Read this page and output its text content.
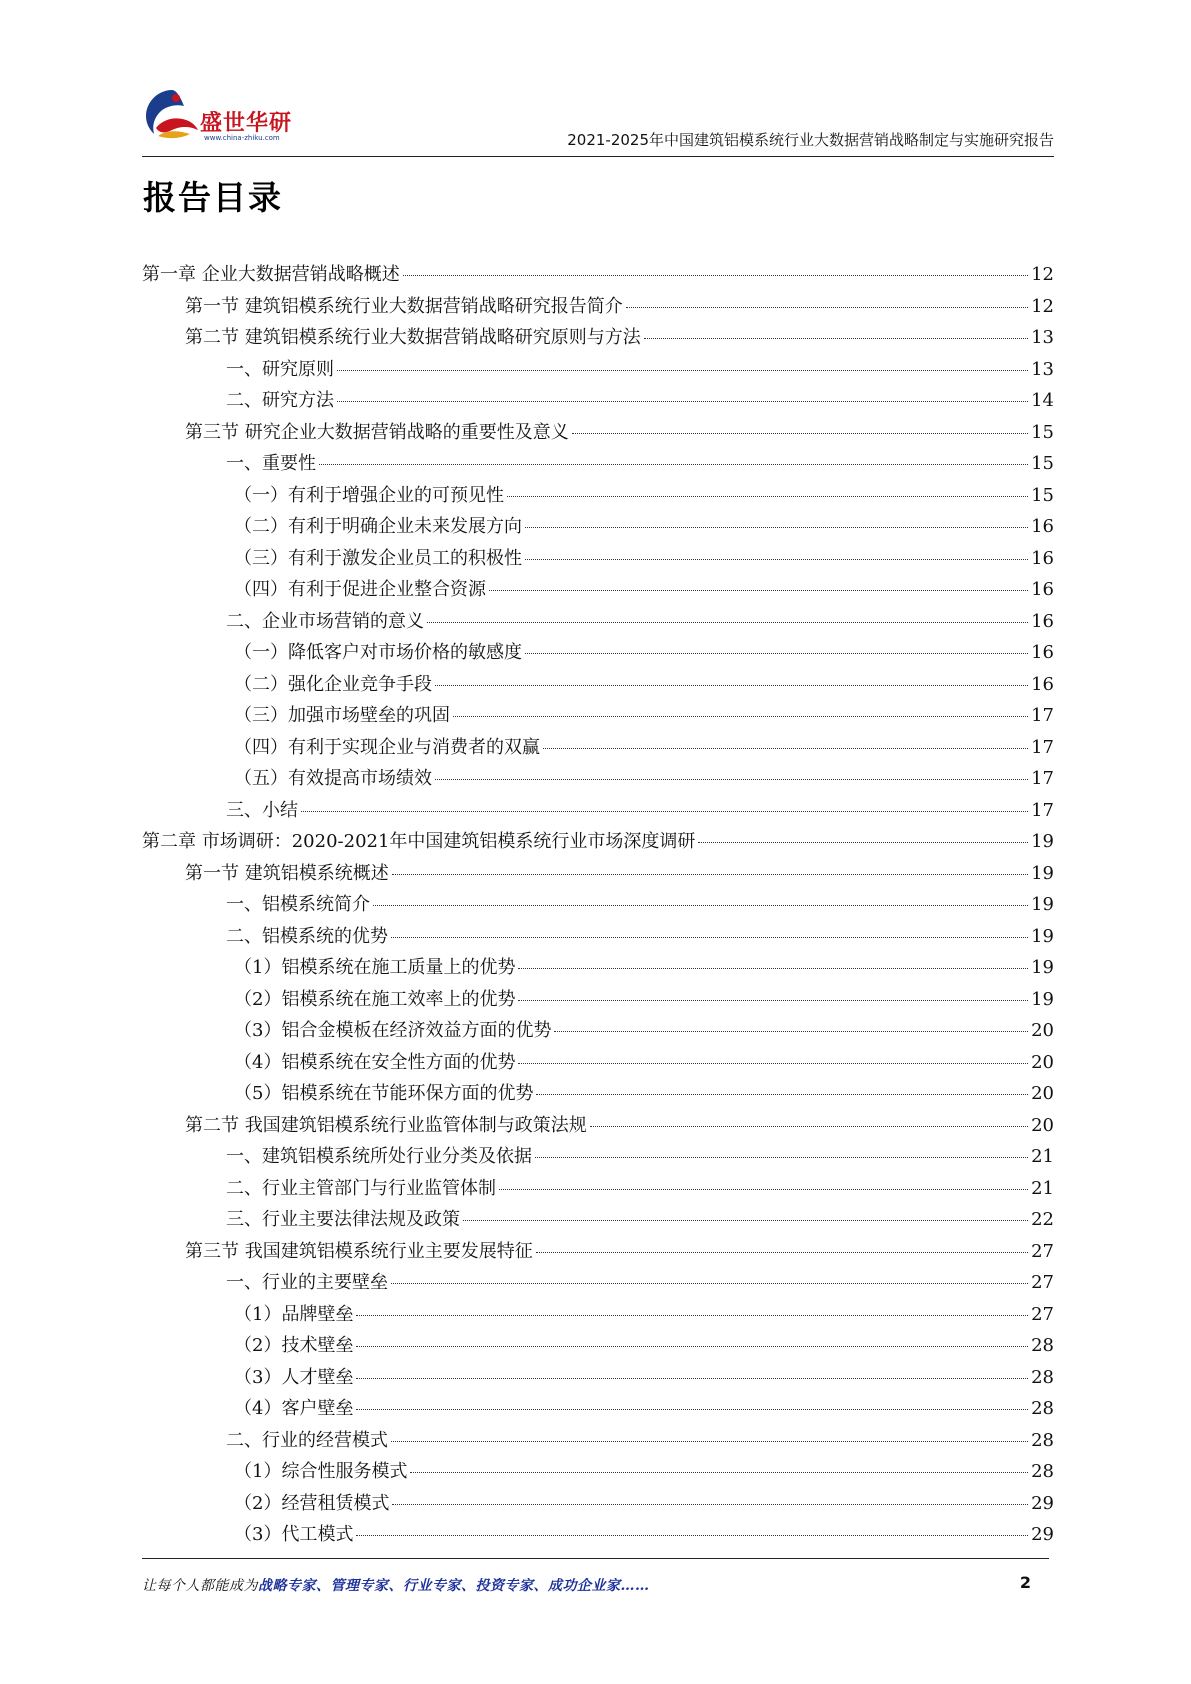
盛世华研
www.china-zhiku.com	2021-2025年中国建筑铝模系统行业大数据营销战略制定与实施研究报告
报告目录
第一章 企业大数据营销战略概述	12
第一节 建筑铝模系统行业大数据营销战略研究报告简介	12
第二节 建筑铝模系统行业大数据营销战略研究原则与方法	13
一、研究原则	13
二、研究方法	14
第三节 研究企业大数据营销战略的重要性及意义	15
一、重要性	15
（一）有利于增强企业的可预见性	15
（二）有利于明确企业未来发展方向	16
（三）有利于激发企业员工的积极性	16
（四）有利于促进企业整合资源	16
二、企业市场营销的意义	16
（一）降低客户对市场价格的敏感度	16
（二）强化企业竞争手段	16
（三）加强市场壁垒的巩固	17
（四）有利于实现企业与消费者的双赢	17
（五）有效提高市场绩效	17
三、小结	17
第二章 市场调研：2020-2021年中国建筑铝模系统行业市场深度调研	19
第一节 建筑铝模系统概述	19
一、铝模系统简介	19
二、铝模系统的优势	19
（1）铝模系统在施工质量上的优势	19
（2）铝模系统在施工效率上的优势	19
（3）铝合金模板在经济效益方面的优势	20
（4）铝模系统在安全性方面的优势	20
（5）铝模系统在节能环保方面的优势	20
第二节 我国建筑铝模系统行业监管体制与政策法规	20
一、建筑铝模系统所处行业分类及依据	21
二、行业主管部门与行业监管体制	21
三、行业主要法律法规及政策	22
第三节 我国建筑铝模系统行业主要发展特征	27
一、行业的主要壁垒	27
（1）品牌壁垒	27
（2）技术壁垒	28
（3）人才壁垒	28
（4）客户壁垒	28
二、行业的经营模式	28
（1）综合性服务模式	28
（2）经营租赁模式	29
（3）代工模式	29
让每个人都能成为战略专家、管理专家、行业专家、投资专家、成功企业家……	2
